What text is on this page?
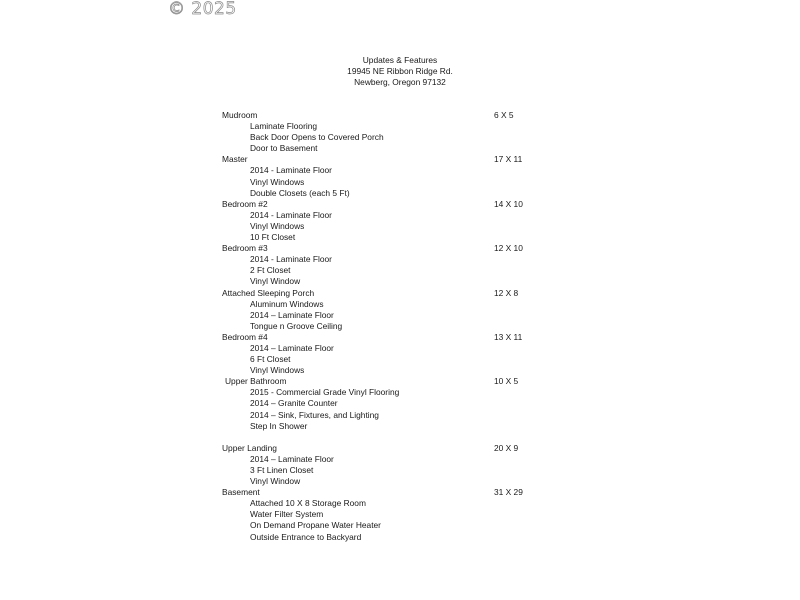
© 2025
Updates & Features
19945 NE Ribbon Ridge Rd.
Newberg, Oregon 97132
Mudroom	6 X 5
Laminate Flooring
Back Door Opens to Covered Porch
Door to Basement
Master	17 X 11
2014 - Laminate Floor
Vinyl Windows
Double Closets (each 5 Ft)
Bedroom #2	14 X 10
2014 - Laminate Floor
Vinyl Windows
10 Ft Closet
Bedroom #3	12 X 10
2014 - Laminate Floor
2 Ft Closet
Vinyl Window
Attached Sleeping Porch	12 X 8
Aluminum Windows
2014 – Laminate Floor
Tongue n Groove Ceiling
Bedroom #4	13 X 11
2014 – Laminate Floor
6 Ft Closet
Vinyl Windows
Upper Bathroom	10 X 5
2015 - Commercial Grade Vinyl Flooring
2014 – Granite Counter
2014 – Sink, Fixtures, and Lighting
Step In Shower
Upper Landing	20 X 9
2014 – Laminate Floor
3 Ft Linen Closet
Vinyl Window
Basement	31 X 29
Attached 10 X 8 Storage Room
Water Filter System
On Demand Propane Water Heater
Outside Entrance to Backyard
